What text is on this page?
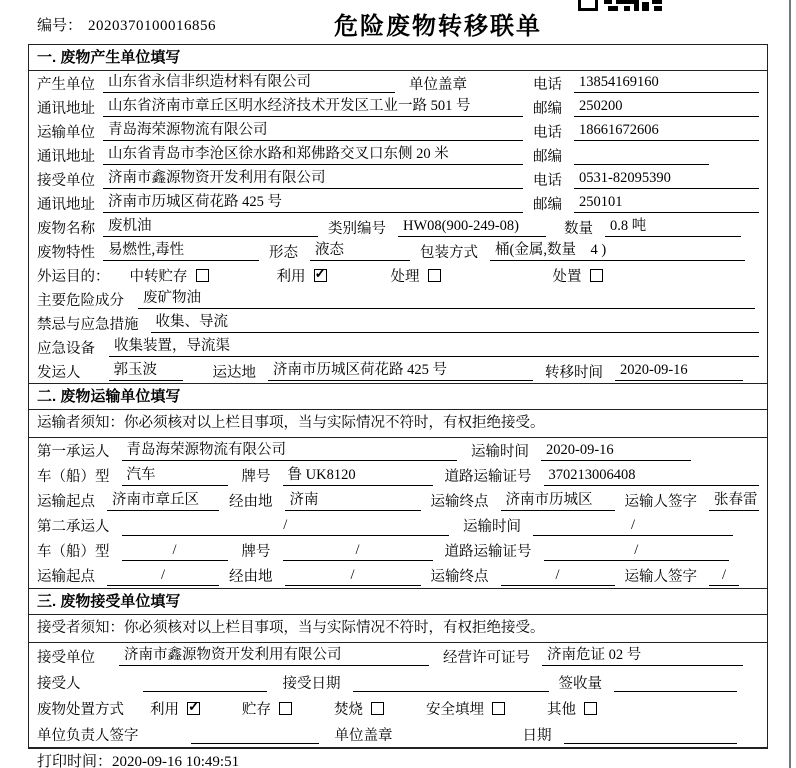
编号： 2020370100016856	危险废物转移联单
一. 废物产生单位填写
产生单位 山东省永信非织造材料有限公司	单位盖章	电话	13854169160
通讯地址 山东省济南市章丘区明水经济技术开发区工业一路 501 号	邮编	250200
运输单位 青岛海荣源物流有限公司	电话	18661672606
通讯地址 山东省青岛市李沧区徐水路和郑佛路交叉口东侧 20 米	邮编
接受单位 济南市鑫源物资开发利用有限公司	电话	0531-82095390
通讯地址 济南市历城区荷花路 425 号	邮编	250101
废物名称 废机油	类别编号	HW08(900-249-08)	数量	0.8 吨
废物特性 易燃性,毒性	形态	液态	包装方式	桶(金属,数量　4 )
外运目的： 中转贮存	利用 ✓	处理	处置
主要危险成分	废矿物油
禁忌与应急措施	收集、导流
应急设备	收集装置，导流渠
发运人	郭玉波	运达地	济南市历城区荷花路 425 号	转移时间	2020-09-16
二. 废物运输单位填写
运输者须知：你必须核对以上栏目事项，当与实际情况不符时，有权拒绝接受。
第一承运人	青岛海荣源物流有限公司	运输时间	2020-09-16
车（船）型	汽车	牌号	鲁 UK8120	道路运输证号	370213006408
运输起点	济南市章丘区	经由地	济南	运输终点	济南市历城区	运输人签字	张春雷
第二承运人	/	运输时间	/
车（船）型	/	牌号	/	道路运输证号	/
运输起点	/	经由地	/	运输终点	/	运输人签字	/
三. 废物接受单位填写
接受者须知：你必须核对以上栏目事项，当与实际情况不符时，有权拒绝接受。
接受单位	济南市鑫源物资开发利用有限公司	经营许可证号	济南危证 02 号
接受人	接受日期	签收量
废物处置方式 利用 ✓	贮存	焚烧	安全填埋	其他
单位负责人签字	单位盖章	日期
打印时间：2020-09-16 10:49:51
